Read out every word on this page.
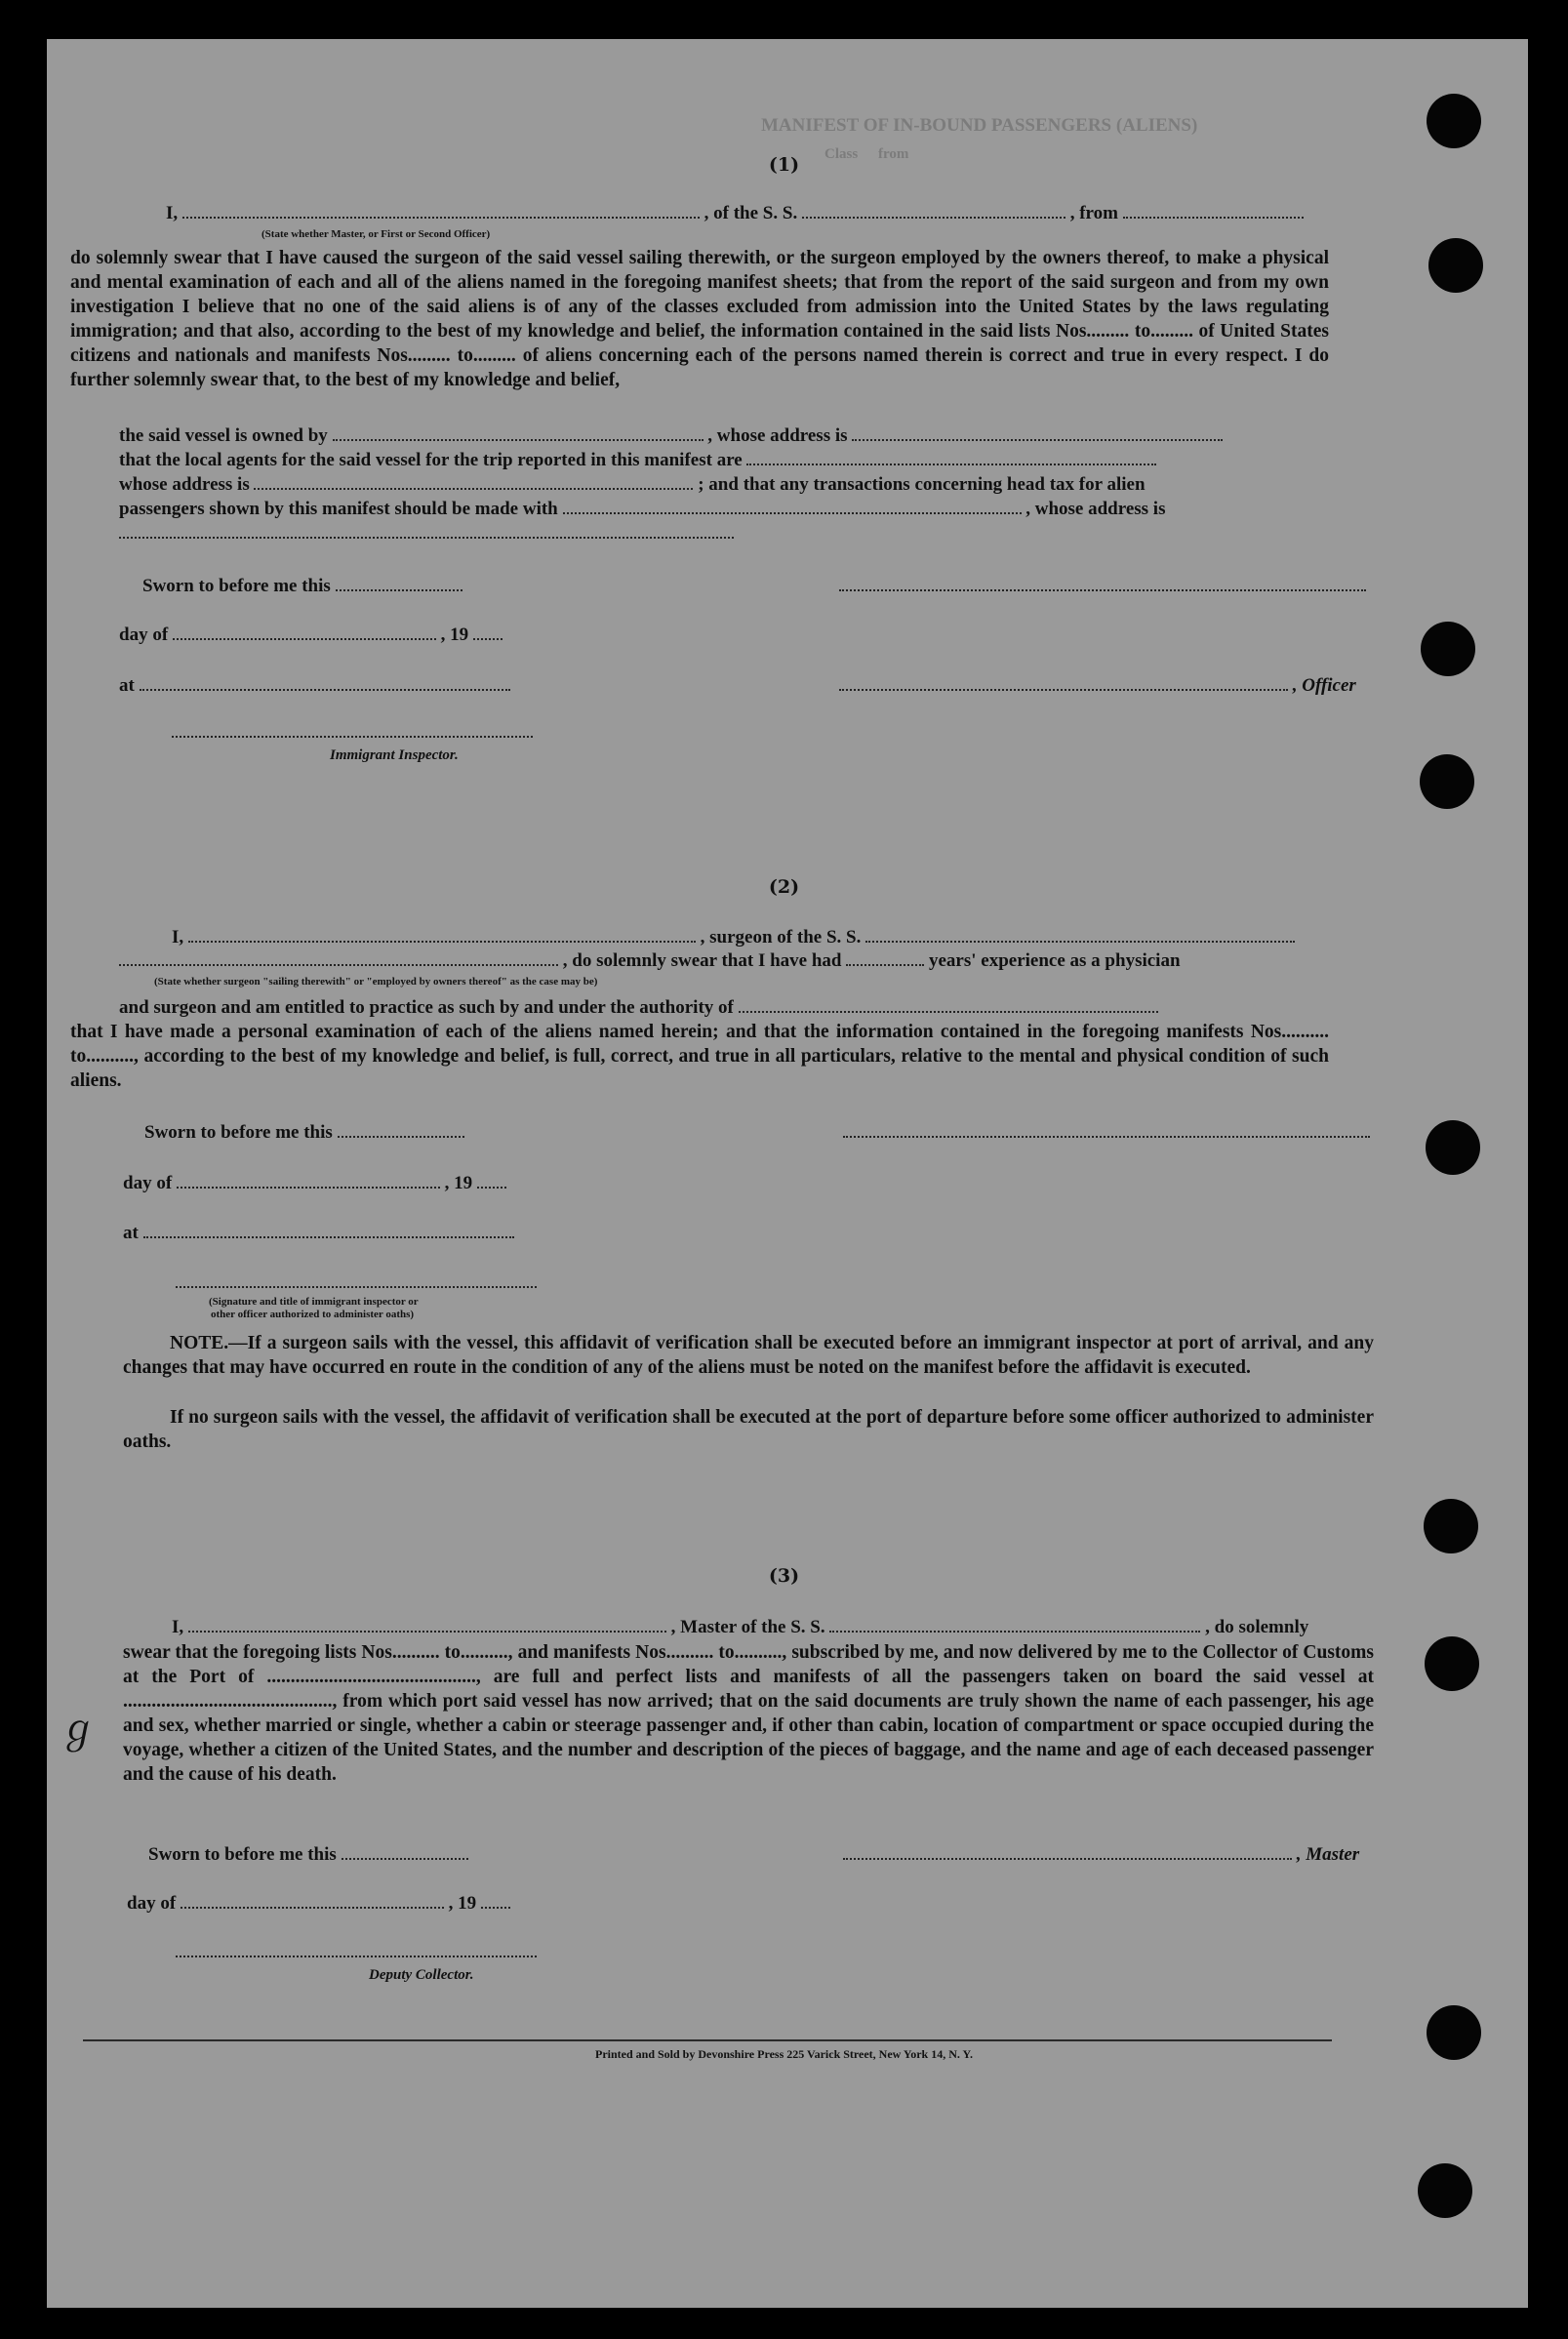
MANIFEST OF IN-BOUND PASSENGERS (ALIENS)
Class from
ℊ
(1)
I,	, of the S. S.	, from
(State whether Master, or First or Second Officer)
do solemnly swear that I have caused the surgeon of the said vessel sailing therewith, or the surgeon employed by the owners thereof, to make a physical and mental examination of each and all of the aliens named in the foregoing manifest sheets; that from the report of the said surgeon and from my own investigation I believe that no one of the said aliens is of any of the classes excluded from admission into the United States by the laws regulating immigration; and that also, according to the best of my knowledge and belief, the information contained in the said lists Nos......... to......... of United States citizens and nationals and manifests Nos......... to......... of aliens concerning each of the persons named therein is correct and true in every respect. I do further solemnly swear that, to the best of my knowledge and belief,
the said vessel is owned by	, whose address is
that the local agents for the said vessel for the trip reported in this manifest are
whose address is	; and that any transactions concerning head tax for alien
passengers shown by this manifest should be made with	, whose address is
Sworn to before me this
day of	, 19
at	, Officer
Immigrant Inspector.
(2)
I,	, surgeon of the S. S.
, do solemnly swear that I have had	years' experience as a physician
(State whether surgeon "sailing therewith" or "employed by owners thereof" as the case may be)
and surgeon and am entitled to practice as such by and under the authority of
that I have made a personal examination of each of the aliens named herein; and that the information contained in the foregoing manifests Nos.......... to.........., according to the best of my knowledge and belief, is full, correct, and true in all particulars, relative to the mental and physical condition of such aliens.
Sworn to before me this
day of	, 19
at
(Signature and title of immigrant inspector or
other officer authorized to administer oaths)
NOTE.—If a surgeon sails with the vessel, this affidavit of verification shall be executed before an immigrant inspector at port of arrival, and any changes that may have occurred en route in the condition of any of the aliens must be noted on the manifest before the affidavit is executed.
If no surgeon sails with the vessel, the affidavit of verification shall be executed at the port of departure before some officer authorized to administer oaths.
(3)
I,	, Master of the S. S.	, do solemnly
swear that the foregoing lists Nos.......... to.........., and manifests Nos.......... to.........., subscribed by me, and now delivered by me to the Collector of Customs at the Port of ............................................, are full and perfect lists and manifests of all the passengers taken on board the said vessel at ............................................, from which port said vessel has now arrived; that on the said documents are truly shown the name of each passenger, his age and sex, whether married or single, whether a cabin or steerage passenger and, if other than cabin, location of compartment or space occupied during the voyage, whether a citizen of the United States, and the number and description of the pieces of baggage, and the name and age of each deceased passenger and the cause of his death.
Sworn to before me this	, Master
day of	, 19
Deputy Collector.
Printed and Sold by Devonshire Press 225 Varick Street, New York 14, N. Y.
